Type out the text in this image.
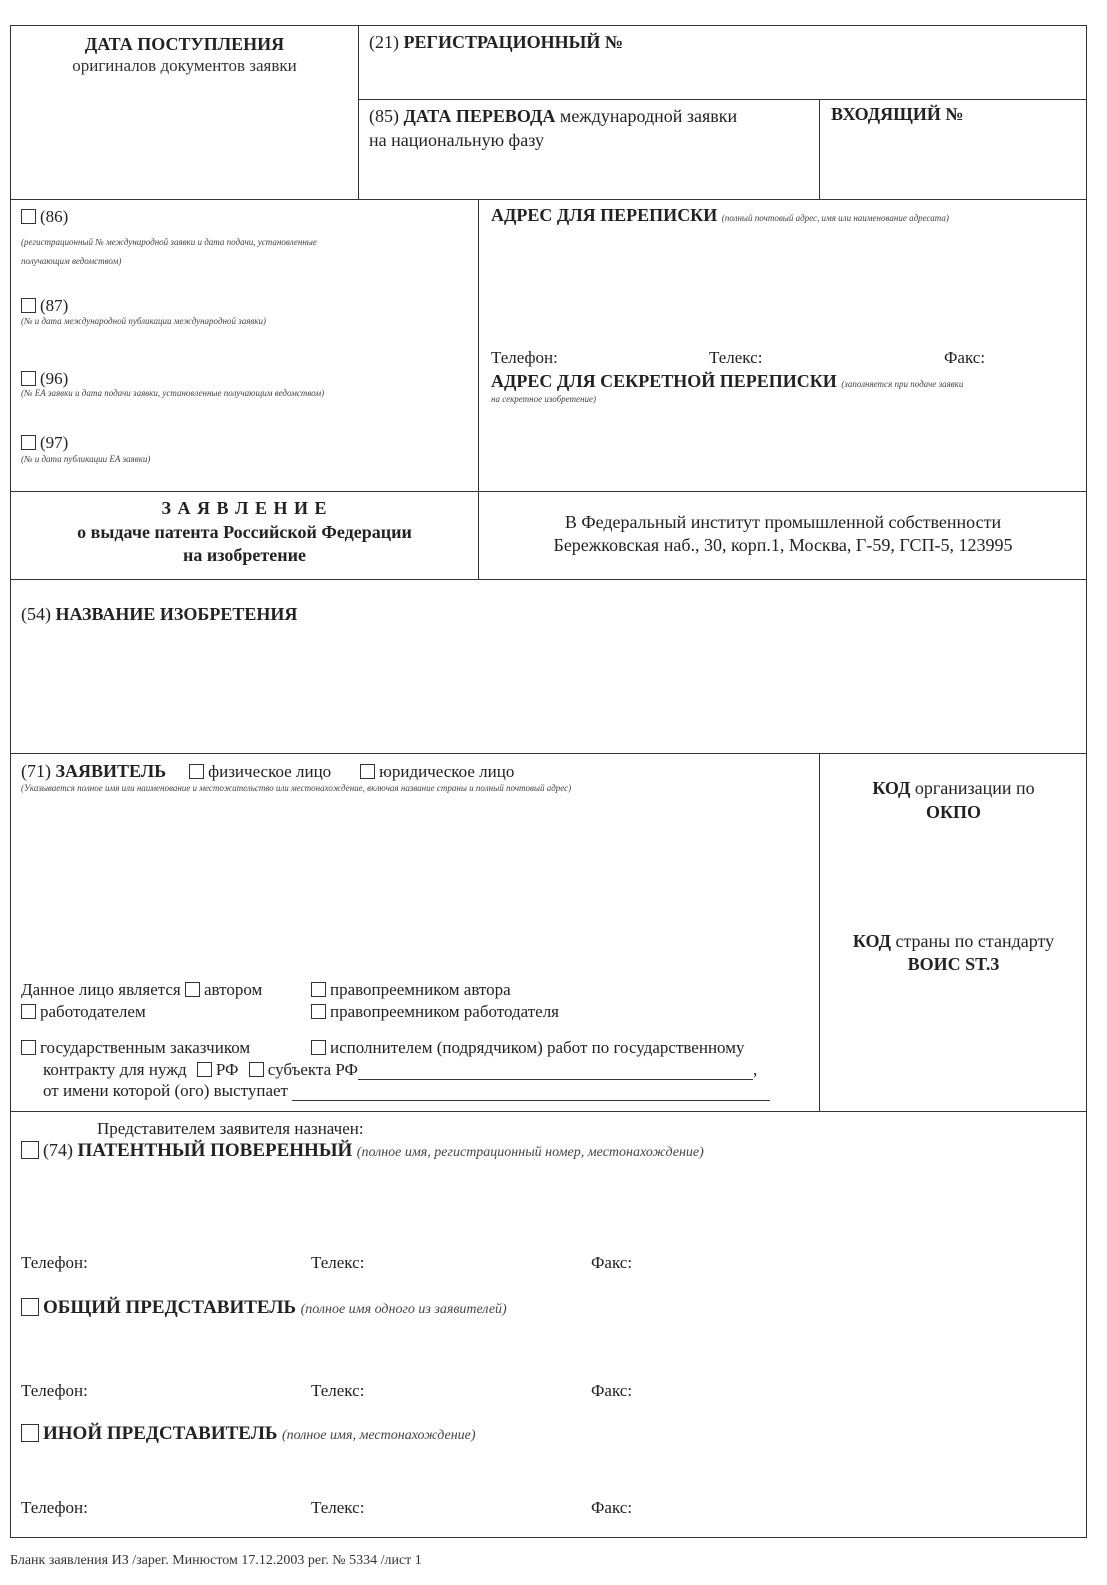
ДАТА ПОСТУПЛЕНИЯ
оригиналов документов заявки
(21) РЕГИСТРАЦИОННЫЙ №
(85) ДАТА ПЕРЕВОДА международной заявки
на национальную фазу
ВХОДЯЩИЙ №
(86)
(регистрационный № международной заявки и дата подачи, установленные
получающим ведомством)
(87)
(№ и дата международной публикации международной заявки)
(96)
(№ ЕА заявки и дата подачи заявки, установленные получающим ведомством)
(97)
(№ и дата публикации ЕА заявки)
АДРЕС ДЛЯ ПЕРЕПИСКИ (полный почтовый адрес, имя или наименование адресата)
Телефон:	Телекс:	Факс:
АДРЕС ДЛЯ СЕКРЕТНОЙ ПЕРЕПИСКИ (заполняется при подаче заявки
на секретное изобретение)
З А Я В Л Е Н И Е
о выдаче патента Российской Федерации
на изобретение
В Федеральный институт промышленной собственности
Бережковская наб., 30, корп.1, Москва, Г-59, ГСП-5, 123995
(54) НАЗВАНИЕ ИЗОБРЕТЕНИЯ
(71) ЗАЯВИТЕЛЬ физическое лицо	юридическое лицо
(Указывается полное имя или наименование и местожительство или местонахождение, включая название страны и полный почтовый адрес)
Данное лицо является автором	правопреемником автора
работодателем	правопреемником работодателя
государственным заказчиком	исполнителем (подрядчиком) работ по государственному
контракту для нужд РФ субъекта РФ	,
от имени которой (ого) выступает
КОД организации по
ОКПО
КОД страны по стандарту
ВОИС ST.3
Представителем заявителя назначен:
(74) ПАТЕНТНЫЙ ПОВЕРЕННЫЙ (полное имя, регистрационный номер, местонахождение)
Телефон:	Телекс:	Факс:
ОБЩИЙ ПРЕДСТАВИТЕЛЬ (полное имя одного из заявителей)
Телефон:	Телекс:	Факс:
ИНОЙ ПРЕДСТАВИТЕЛЬ (полное имя, местонахождение)
Телефон:	Телекс:	Факс:
Бланк заявления ИЗ /зарег. Минюстом 17.12.2003 рег. № 5334 /лист 1
